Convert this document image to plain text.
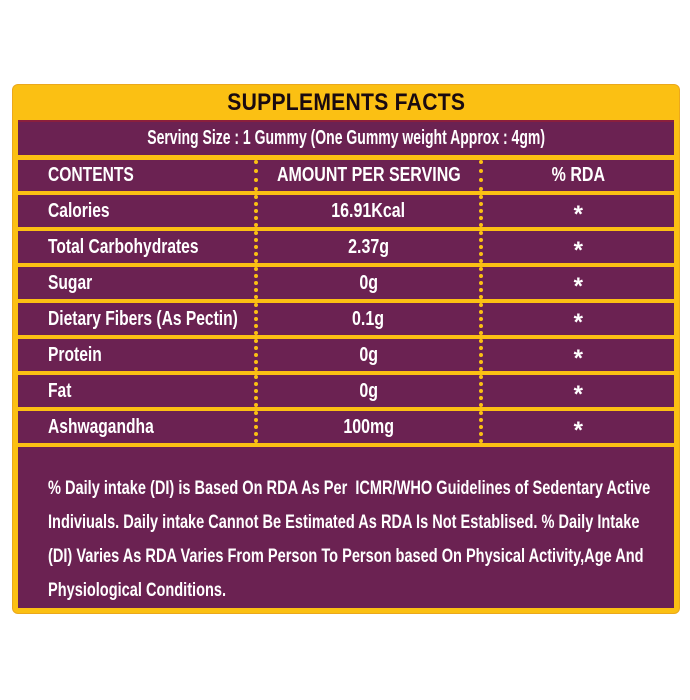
SUPPLEMENTS FACTS
Serving Size : 1 Gummy (One Gummy weight Approx : 4gm)
CONTENTS	AMOUNT PER SERVING	% RDA
Calories	16.91Kcal	*
Total Carbohydrates	2.37g	*
Sugar	0g	*
Dietary Fibers (As Pectin)	0.1g	*
Protein	0g	*
Fat	0g	*
Ashwagandha	100mg	*
% Daily intake (DI) is Based On RDA As Per  ICMR/WHO Guidelines of Sedentary Active Indiviuals. Daily intake Cannot Be Estimated As RDA Is Not Establised. % Daily Intake (DI) Varies As RDA Varies From Person To Person based On Physical Activity,Age And Physiological Conditions.
